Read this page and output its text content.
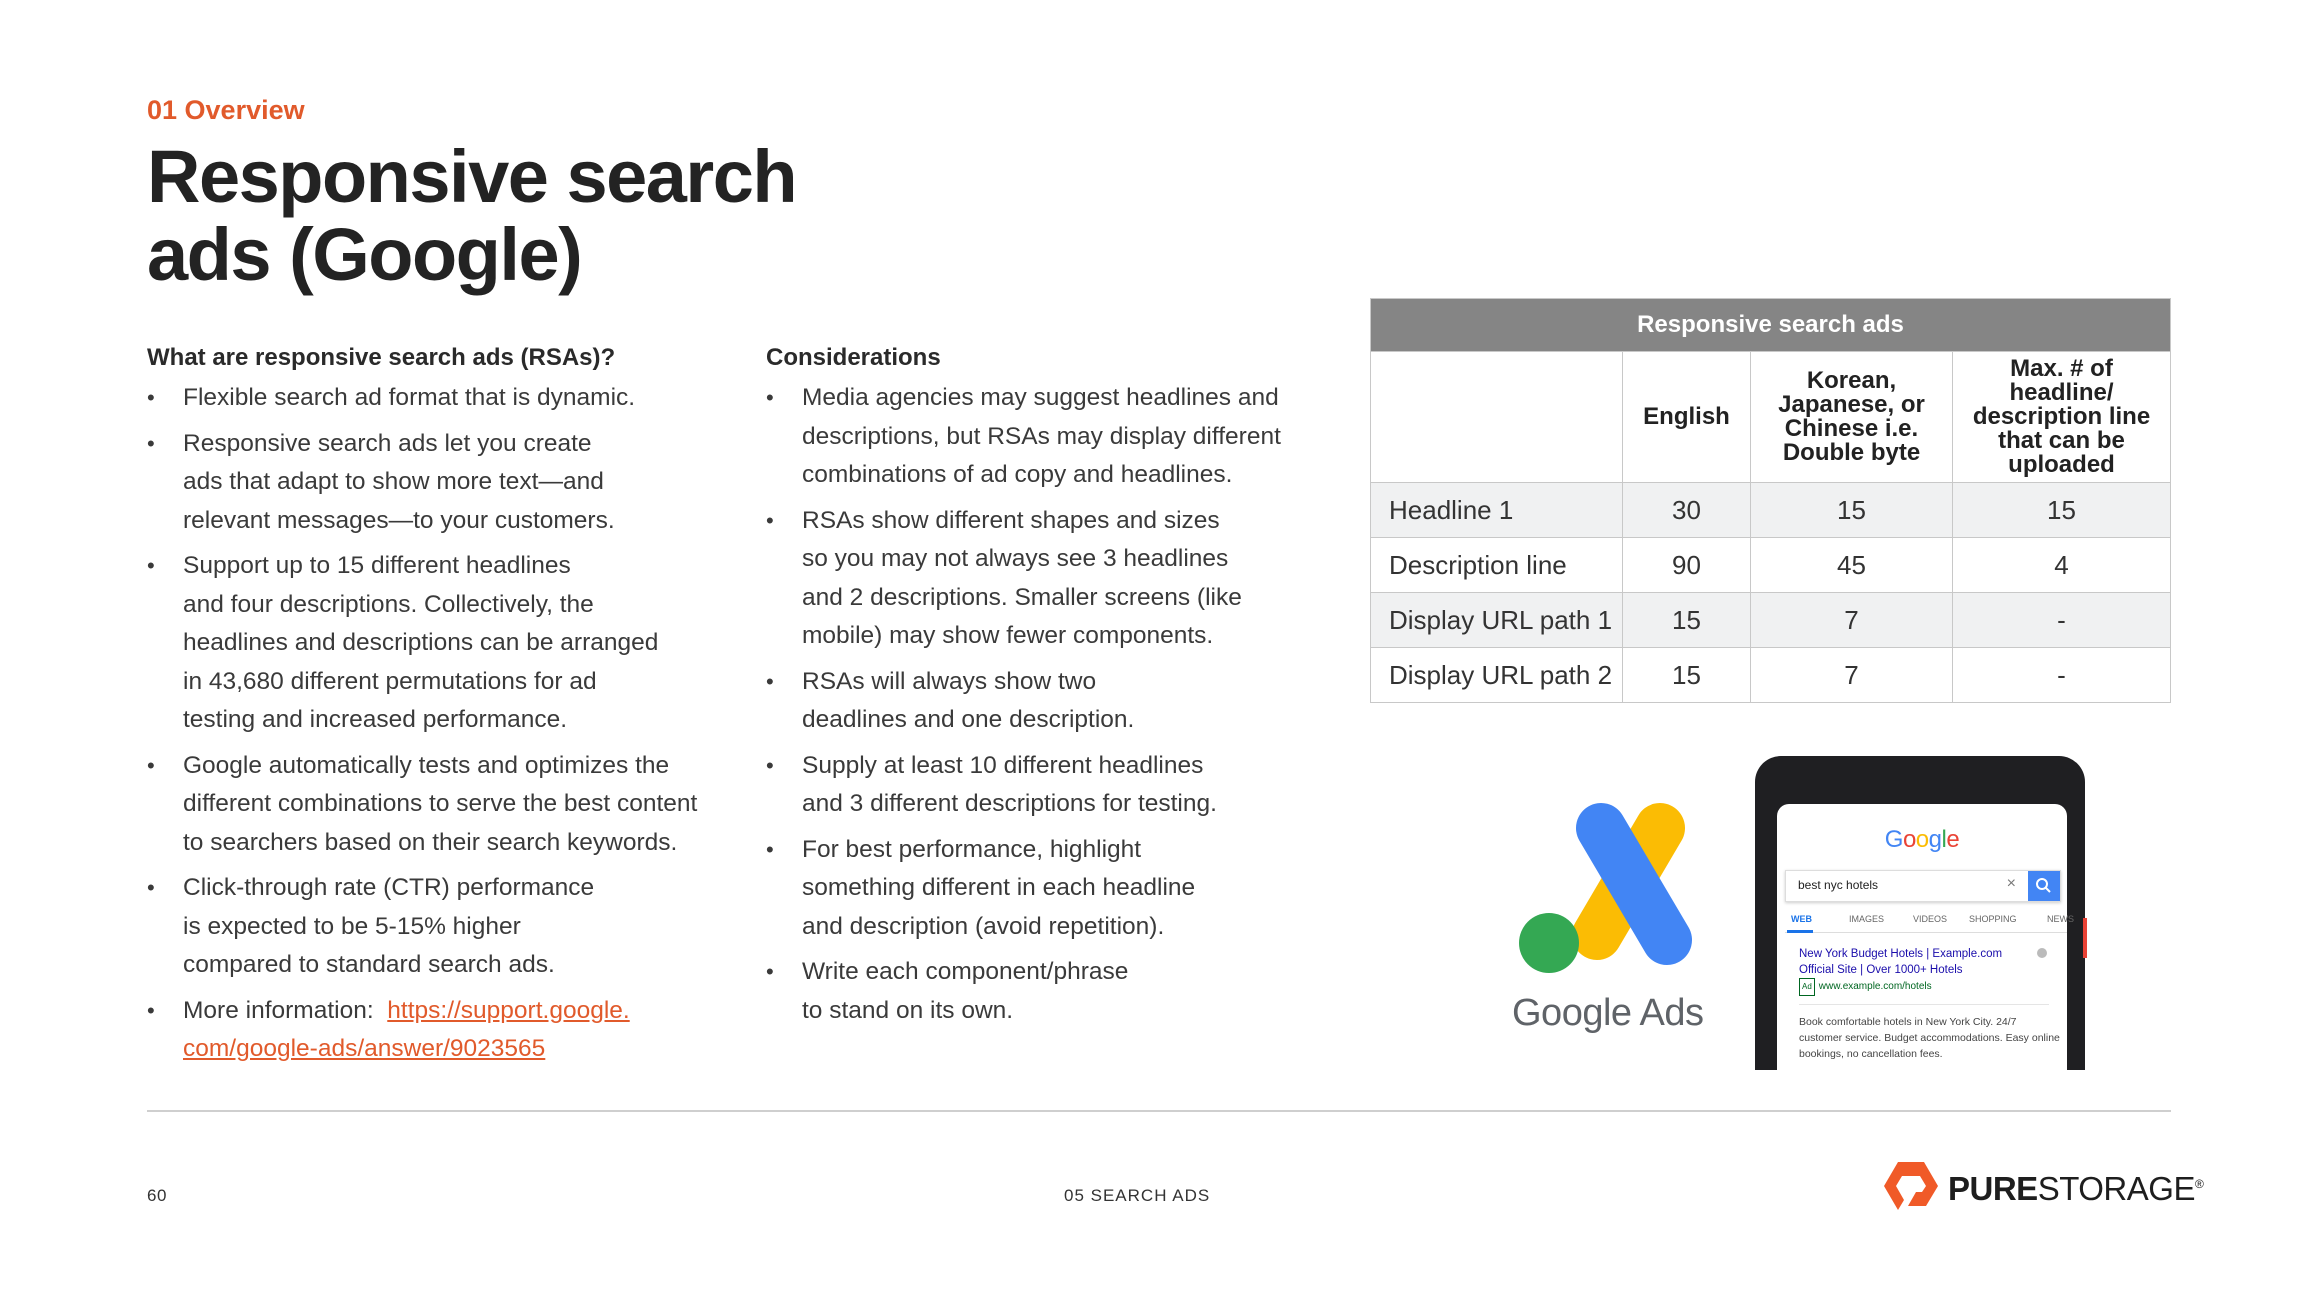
01 Overview
Responsive search
ads (Google)
What are responsive search ads (RSAs)?
• Flexible search ad format that is dynamic.
• Responsive search ads let you create
ads that adapt to show more text—and
relevant messages—to your customers.
• Support up to 15 different headlines
and four descriptions. Collectively, the
headlines and descriptions can be arranged
in 43,680 different permutations for ad
testing and increased performance.
• Google automatically tests and optimizes the
different combinations to serve the best content
to searchers based on their search keywords.
• Click-through rate (CTR) performance
is expected to be 5-15% higher
compared to standard search ads.
• More information: https://support.google.
com/google-ads/answer/9023565
Considerations
• Media agencies may suggest headlines and
descriptions, but RSAs may display different
combinations of ad copy and headlines.
• RSAs show different shapes and sizes
so you may not always see 3 headlines
and 2 descriptions. Smaller screens (like
mobile) may show fewer components.
• RSAs will always show two
deadlines and one description.
• Supply at least 10 different headlines
and 3 different descriptions for testing.
• For best performance, highlight
something different in each headline
and description (avoid repetition).
• Write each component/phrase
to stand on its own.
Responsive search ads			
	English	Korean, Japanese, or Chinese i.e. Double byte	Max. # of headline/ description line that can be uploaded
Headline 1	30	15	15
Description line	90	45	4
Display URL path 1	15	7	-
Display URL path 2	15	7	-
Google Ads
Google
best nyc hotels	×
WEB	IMAGES	VIDEOS SHOPPING	NEWS
New York Budget Hotels | Example.com
Official Site | Over 1000+ Hotels
Ad www.example.com/hotels
Book comfortable hotels in New York City. 24/7 customer service. Budget accommodations. Easy online bookings, no cancellation fees.
60	05 SEARCH ADS	PURESTORAGE®
